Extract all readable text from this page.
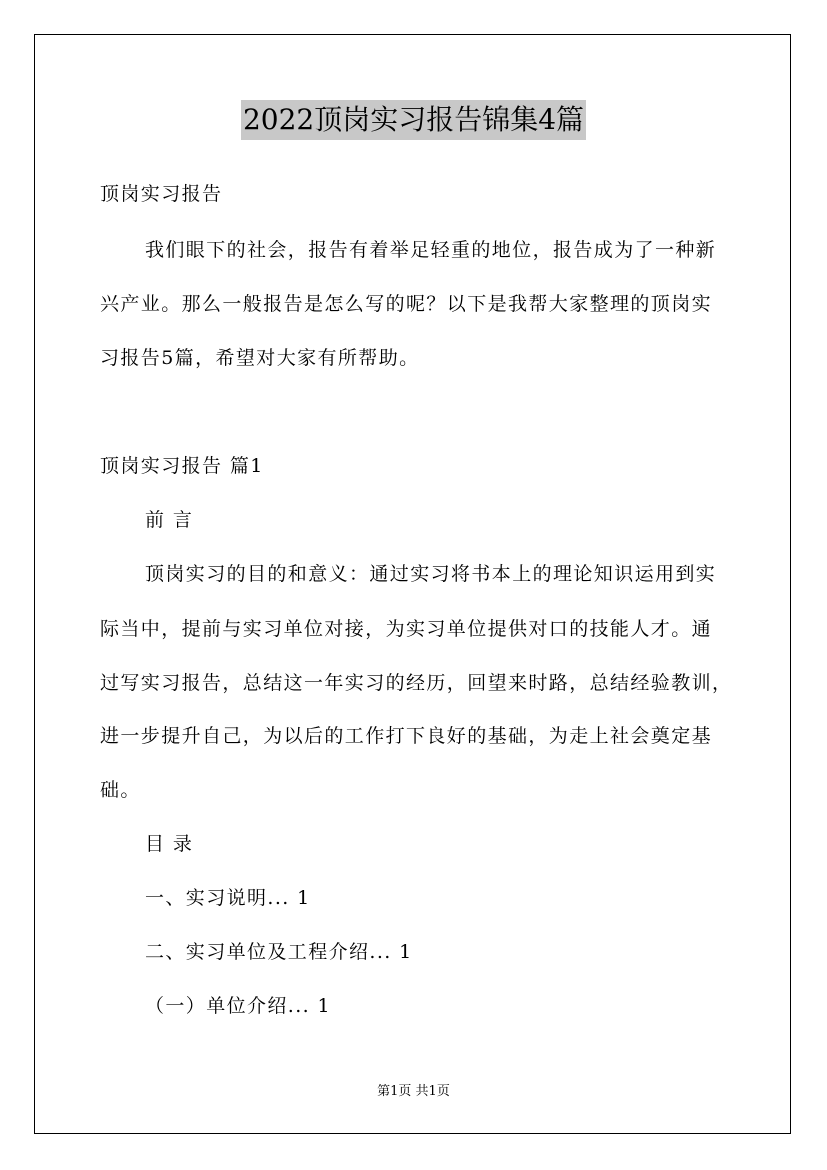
2022顶岗实习报告锦集4篇
顶岗实习报告
我们眼下的社会，报告有着举足轻重的地位，报告成为了一种新
兴产业。那么一般报告是怎么写的呢？以下是我帮大家整理的顶岗实
习报告5篇，希望对大家有所帮助。
顶岗实习报告 篇1
前 言
顶岗实习的目的和意义：通过实习将书本上的理论知识运用到实
际当中，提前与实习单位对接，为实习单位提供对口的技能人才。通
过写实习报告，总结这一年实习的经历，回望来时路，总结经验教训，
进一步提升自己，为以后的工作打下良好的基础，为走上社会奠定基
础。
目 录
一、实习说明... 1
二、实习单位及工程介绍... 1
（一）单位介绍... 1
第1页 共1页
